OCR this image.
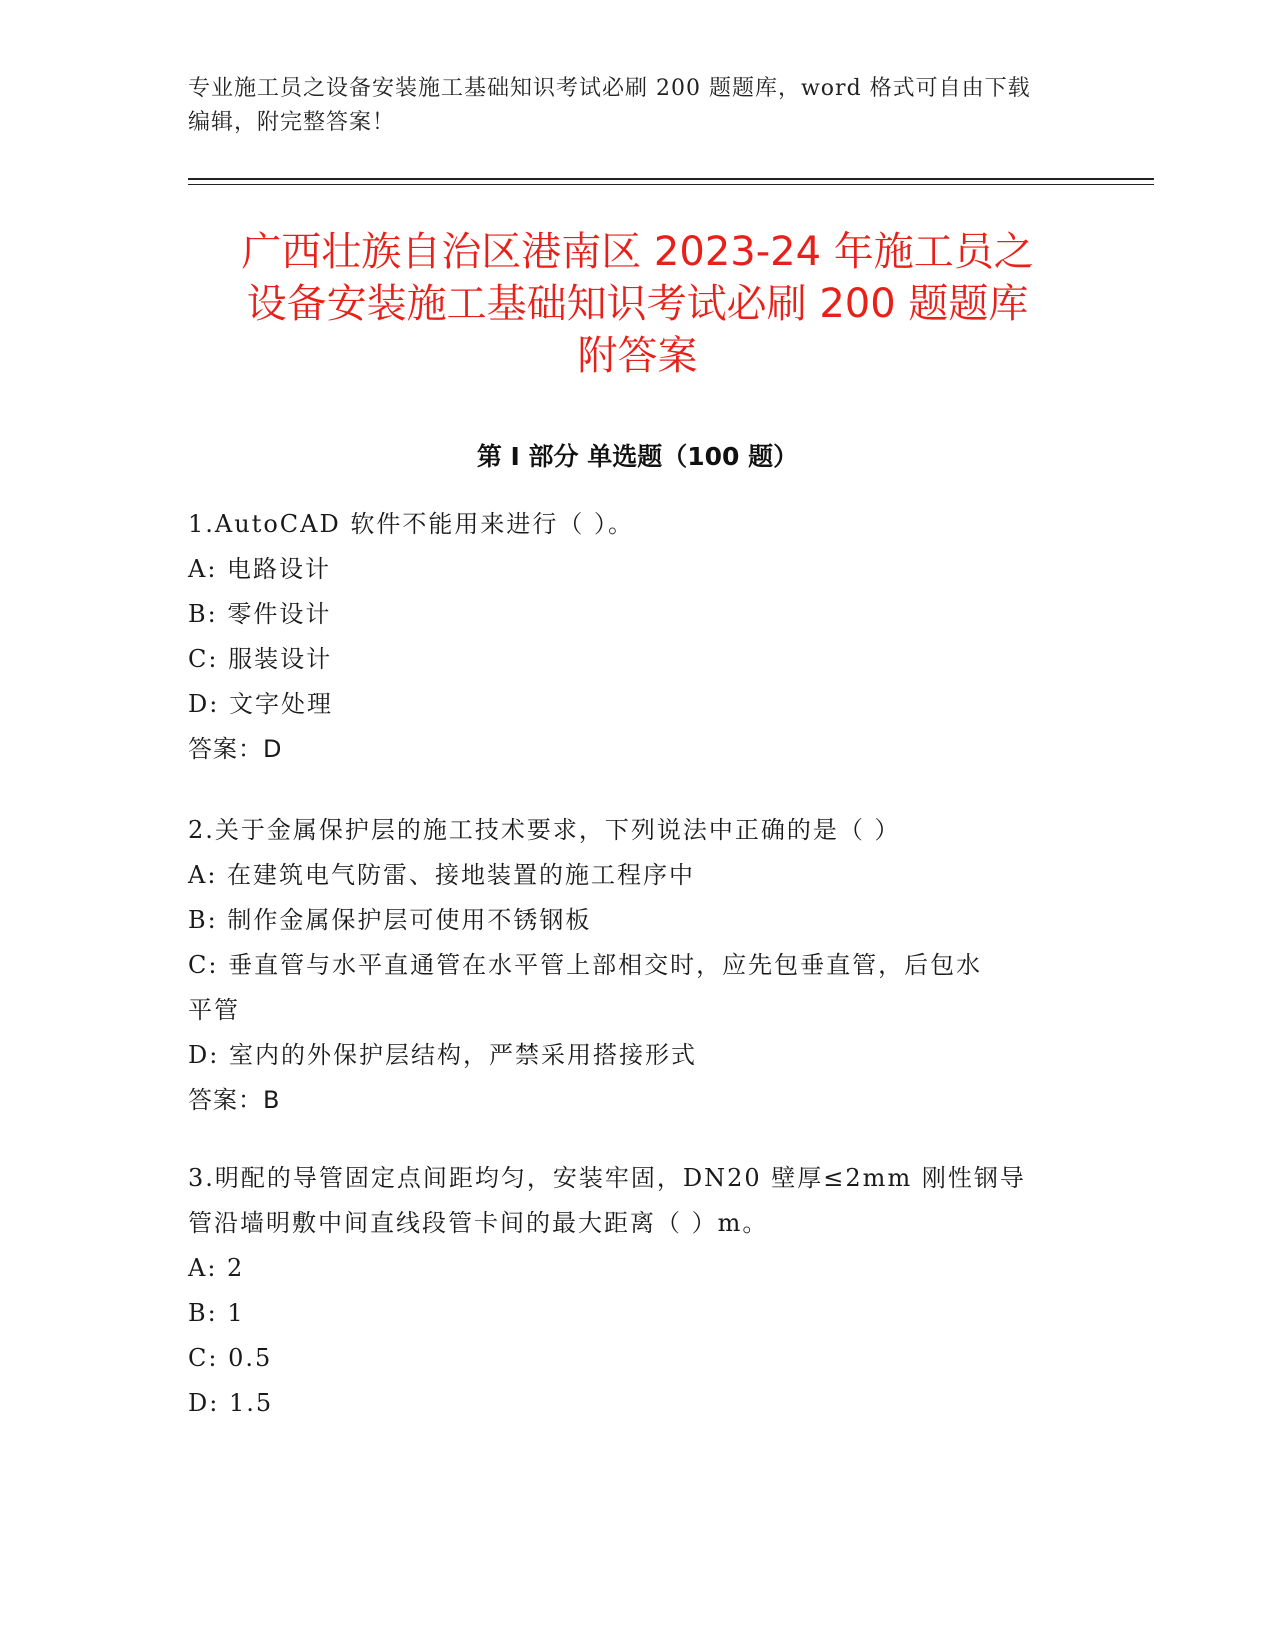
专业施工员之设备安装施工基础知识考试必刷 200 题题库，word 格式可自由下载
编辑，附完整答案！
广西壮族自治区港南区 2023-24 年施工员之
设备安装施工基础知识考试必刷 200 题题库
附答案
第 I 部分 单选题（100 题）
1.AutoCAD 软件不能用来进行（ ）。
A: 电路设计
B: 零件设计
C: 服装设计
D: 文字处理
答案：D
2.关于金属保护层的施工技术要求，下列说法中正确的是（ ）
A: 在建筑电气防雷、接地装置的施工程序中
B: 制作金属保护层可使用不锈钢板
C: 垂直管与水平直通管在水平管上部相交时，应先包垂直管，后包水
平管
D: 室内的外保护层结构，严禁采用搭接形式
答案：B
3.明配的导管固定点间距均匀，安装牢固，DN20 壁厚≤2mm 刚性钢导
管沿墙明敷中间直线段管卡间的最大距离（ ）m。
A: 2
B: 1
C: 0.5
D: 1.5
